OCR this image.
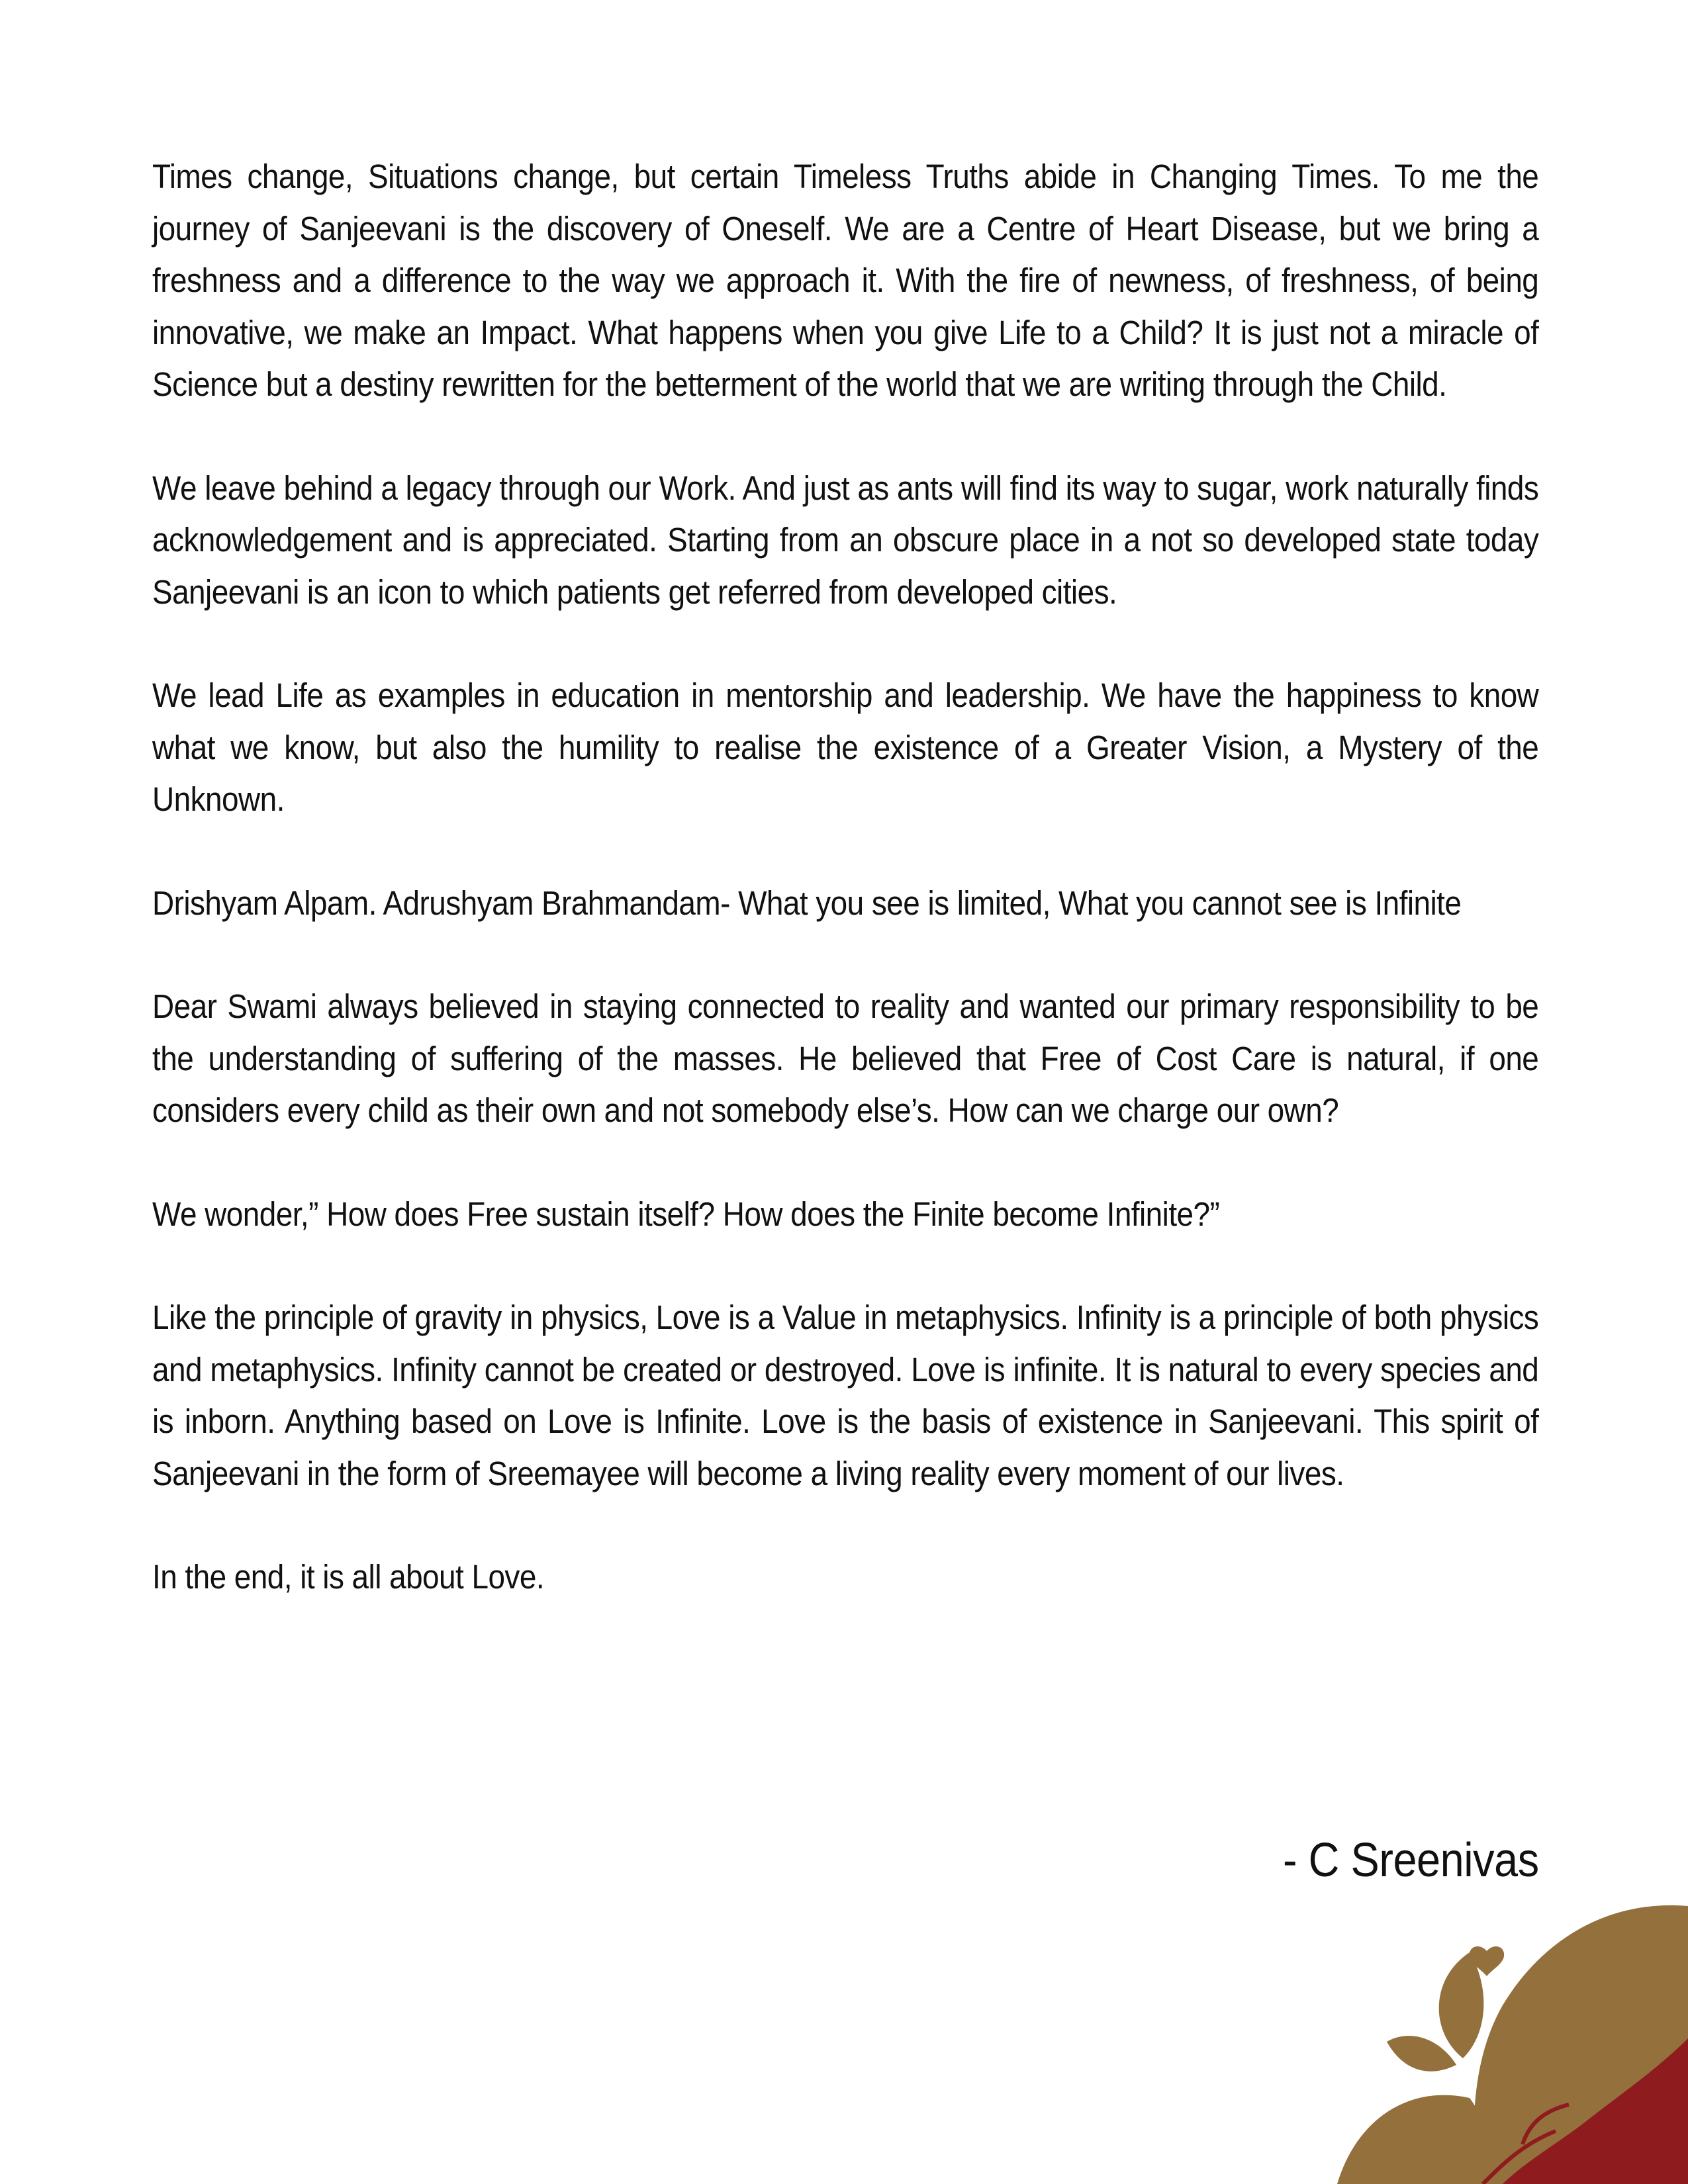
Times change, Situations change, but certain Timeless Truths abide in Changing Times. To me the journey of Sanjeevani is the discovery of Oneself. We are a Centre of Heart Disease, but we bring a freshness and a difference to the way we approach it. With the fire of newness, of freshness, of being innovative, we make an Impact. What happens when you give Life to a Child? It is just not a miracle of Science but a destiny rewritten for the betterment of the world that we are writing through the Child.

We leave behind a legacy through our Work. And just as ants will find its way to sugar, work naturally finds acknowledgement and is appreciated. Starting from an obscure place in a not so developed state today Sanjeevani is an icon to which patients get referred from developed cities.

We lead Life as examples in education in mentorship and leadership. We have the happiness to know what we know, but also the humility to realise the existence of a Greater Vision, a Mystery of the Unknown.

Drishyam Alpam. Adrushyam Brahmandam- What you see is limited, What you cannot see is Infinite

Dear Swami always believed in staying connected to reality and wanted our primary responsibility to be the understanding of suffering of the masses. He believed that Free of Cost Care is natural, if one considers every child as their own and not somebody else’s. How can we charge our own?

We wonder,” How does Free sustain itself? How does the Finite become Infinite?”

Like the principle of gravity in physics, Love is a Value in metaphysics. Infinity is a principle of both physics and metaphysics. Infinity cannot be created or destroyed. Love is infinite. It is natural to every species and is inborn. Anything based on Love is Infinite. Love is the basis of existence in Sanjeevani. This spirit of Sanjeevani in the form of Sreemayee will become a living reality every moment of our lives.

In the end, it is all about Love.

- C Sreenivas
